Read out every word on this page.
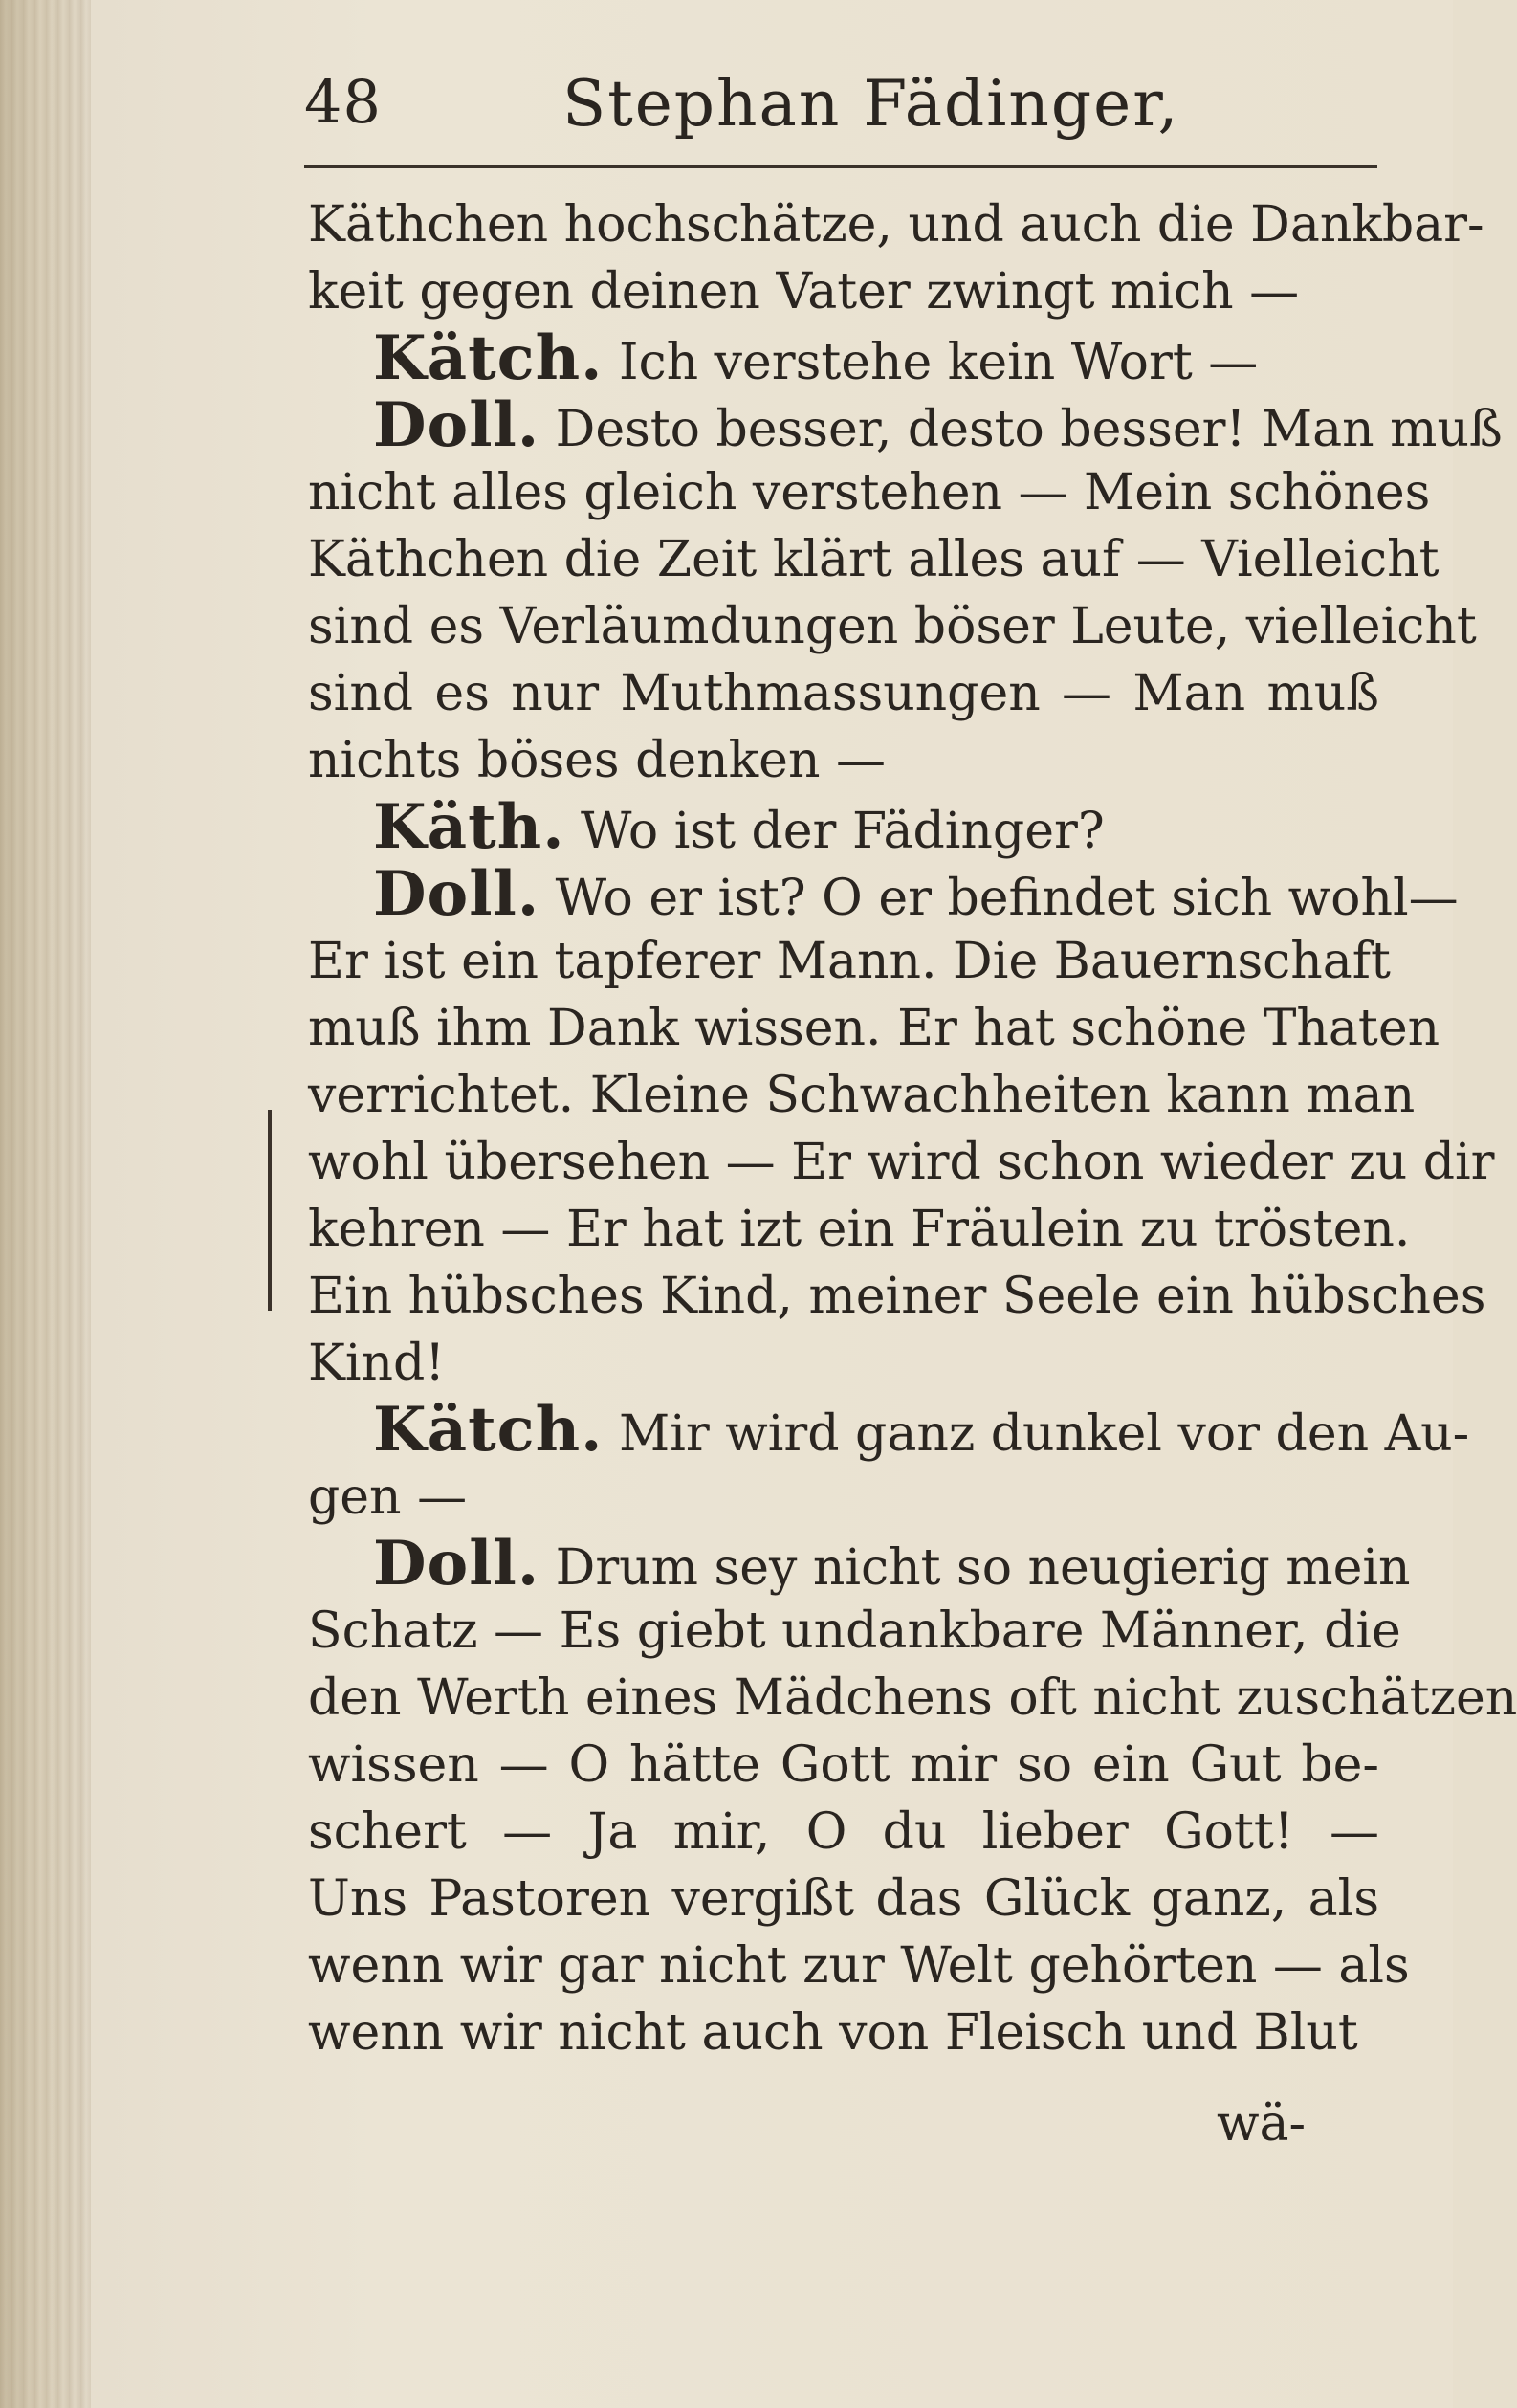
48	Stephan Fädinger,
Käthchen hochschätze, und auch die Dankbar-
keit gegen deinen Vater zwingt mich —
Kätch. Ich verstehe kein Wort —
Doll. Desto besser, desto besser! Man muß
nicht alles gleich verstehen — Mein schönes
Käthchen die Zeit klärt alles auf — Vielleicht
sind es Verläumdungen böser Leute, vielleicht
sind es nur Muthmassungen — Man muß
nichts böses denken —
Käth. Wo ist der Fädinger?
Doll. Wo er ist? O er befindet sich wohl—
Er ist ein tapferer Mann. Die Bauernschaft
muß ihm Dank wissen. Er hat schöne Thaten
verrichtet. Kleine Schwachheiten kann man
wohl übersehen — Er wird schon wieder zu dir
kehren — Er hat izt ein Fräulein zu trösten.
Ein hübsches Kind, meiner Seele ein hübsches
Kind!
Kätch. Mir wird ganz dunkel vor den Au-
gen —
Doll. Drum sey nicht so neugierig mein
Schatz — Es giebt undankbare Männer, die
den Werth eines Mädchens oft nicht zuschätzen
wissen — O hätte Gott mir so ein Gut be-
schert — Ja mir, O du lieber Gott! —
Uns Pastoren vergißt das Glück ganz, als
wenn wir gar nicht zur Welt gehörten — als
wenn wir nicht auch von Fleisch und Blut
wä-
